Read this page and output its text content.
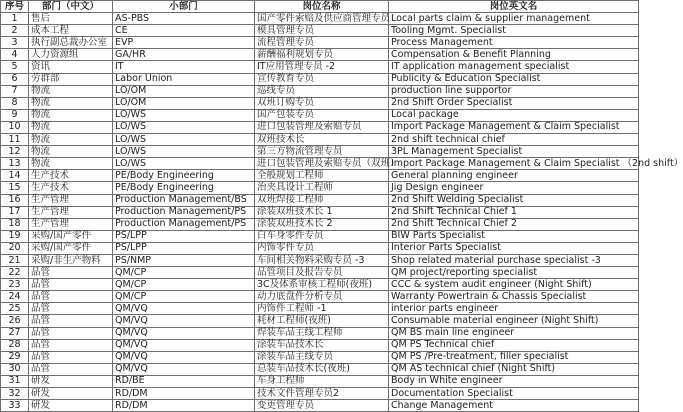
序号	部门（中文）	小部门	岗位名称	岗位英文名
1	售后	AS-PBS	国产零件索赔及供应商管理专员	Local parts claim & supplier management
2	成本工程	CE	模具管理专员	Tooling Mgmt. Specialist
3	执行副总裁办公室	EVP	流程管理专员	Process Management
4	人力资源组	GA/HR	薪酬福利规划专员	Compensation & Benefit Planning
5	资讯	IT	IT应用管理专员 -2	IT application management specialist
6	劳群部	Labor Union	宣传教育专员	Publicity & Education Specialist
7	物流	LO/OM	巡线专员	production line supportor
8	物流	LO/OM	双班订购专员	2nd Shift Order Specialist
9	物流	LO/WS	国产包装专员	Local package
10	物流	LO/WS	进口包装管理及索赔专员	Import Package Management & Claim Specialist
11	物流	LO/WS	双班技术长	2nd shift technical chief
12	物流	LO/WS	第三方物流管理专员	3PL Management Specialist
13	物流	LO/WS	进口包装管理及索赔专员（双班）	Import Package Management & Claim Specialist （2nd shift）
14	生产技术	PE/Body Engineering	全般规划工程师	General planning engineer
15	生产技术	PE/Body Engineering	治夹具设计工程师	Jig Design engineer
16	生产管理	Production Management/BS	双班焊接工程师	2nd Shift Welding Specialist
17	生产管理	Production Management/PS	涂装双班技术长 1	2nd Shift Technical Chief 1
18	生产管理	Production Management/PS	涂装双班技术长 2	2nd Shift Technical Chief 2
19	采购/国产零件	PS/LPP	白车身零件专员	BIW Parts Specialist
20	采购/国产零件	PS/LPP	内饰零件专员	Interior Parts Specialist
21	采购/非生产物料	PS/NMP	车间相关物料采购专员 -3	Shop related material purchase specialist -3
22	品管	QM/CP	品管项目及报告专员	QM project/reporting specialist
23	品管	QM/CP	3C及体系审核工程师(夜班)	CCC & system audit engineer (Night Shift)
24	品管	QM/CP	动力底盘件分析专员	Warranty Powertrain & Chassis Specialist
25	品管	QM/VQ	内饰件工程师 -1	interior parts engineer
26	品管	QM/VQ	耗材工程师(夜班)	Consumable material engineer (Night Shift)
27	品管	QM/VQ	焊装车品主线工程师	QM BS main line engineer
28	品管	QM/VQ	涂装车品技术长	QM PS Technical chief
29	品管	QM/VQ	涂装车品主线专员	QM PS /Pre-treatment, filler specialist
30	品管	QM/VQ	总装车品技术长(夜班)	QM AS technical chief (Night Shift)
31	研发	RD/BE	车身工程师	Body in White engineer
32	研发	RD/DM	技术文件管理专员2	Documentation Specialist
33	研发	RD/DM	变更管理专员	Change Management
